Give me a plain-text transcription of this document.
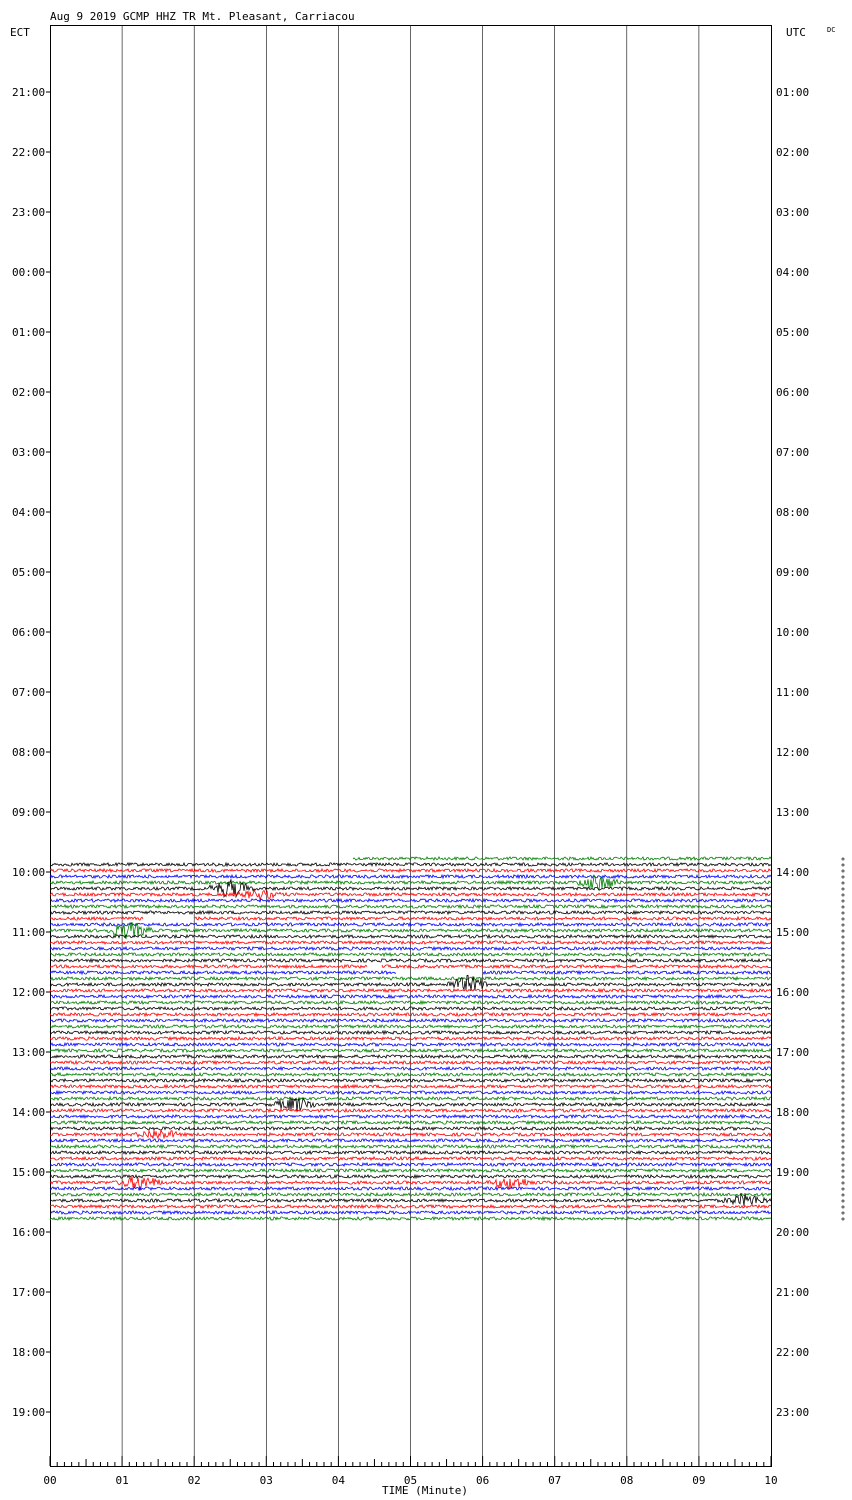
Aug 9 2019 GCMP HHZ TR Mt. Pleasant, Carriacou
ECT	UTC	DC
21:00
22:00
23:00
00:00
01:00
02:00
03:00
04:00
05:00
06:00
07:00
08:00
09:00
10:00
11:00
12:00
13:00
14:00
15:00
16:00
17:00
18:00
19:00
01:00
02:00
03:00
04:00
05:00
06:00
07:00
08:00
09:00
10:00
11:00
12:00
13:00
14:00
15:00
16:00
17:00
18:00
19:00
20:00
21:00
22:00
23:00
00	01	02	03	04	05	06	07	08	09	10
TIME (Minute)
